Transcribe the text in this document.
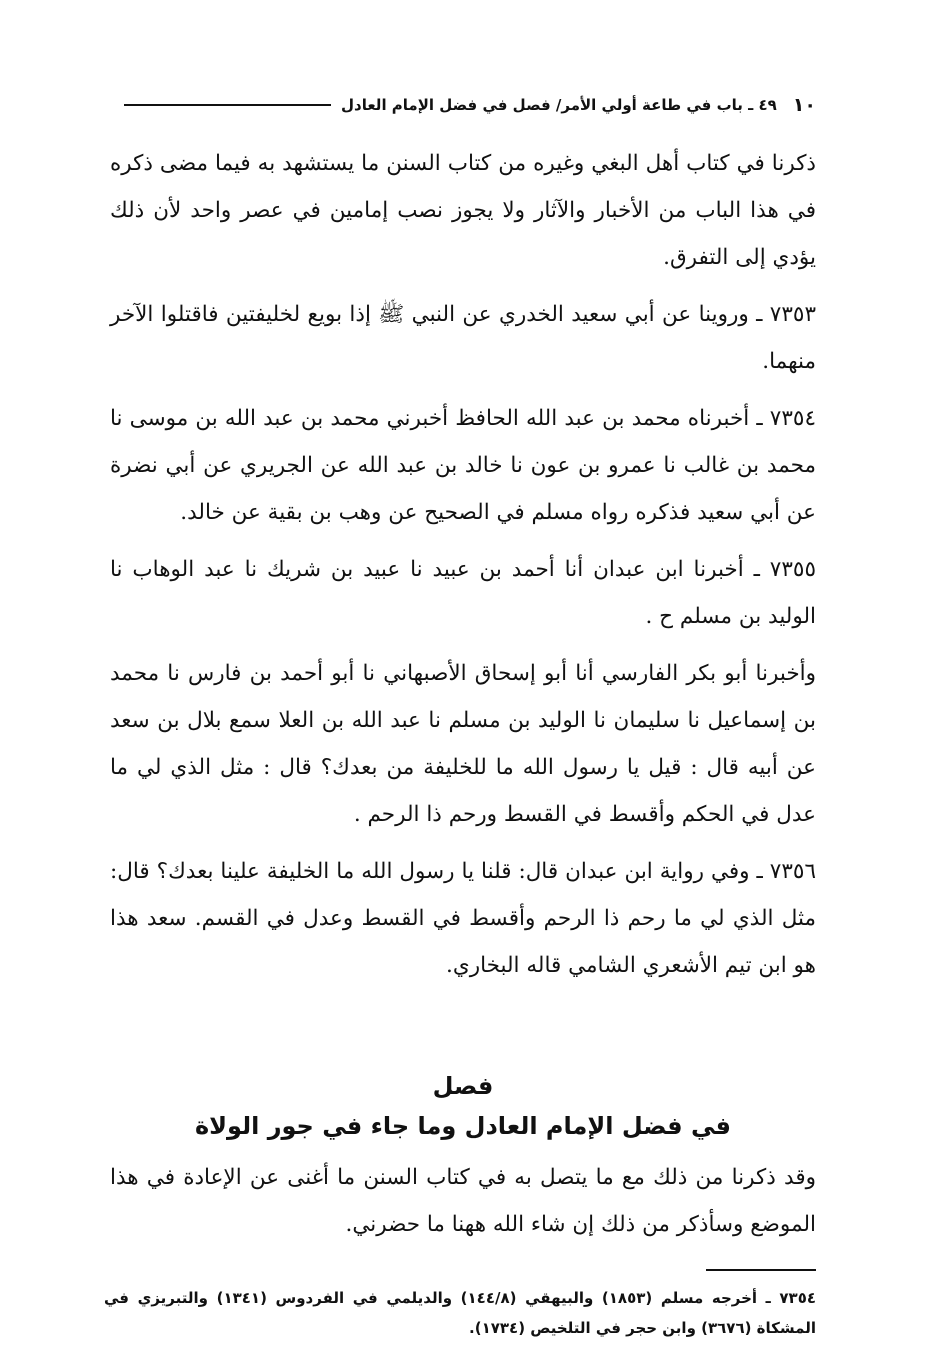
١٠
٤٩ ـ باب في طاعة أولي الأمر/ فصل في فضل الإمام العادل

ذكرنا في كتاب أهل البغي وغيره من كتاب السنن ما يستشهد به فيما مضى ذكره في هذا الباب من الأخبار والآثار ولا يجوز نصب إمامين في عصر واحد لأن ذلك يؤدي إلى التفرق.

٧٣٥٣ ـ وروينا عن أبي سعيد الخدري عن النبي ﷺ إذا بويع لخليفتين فاقتلوا الآخر منهما.

٧٣٥٤ ـ أخبرناه محمد بن عبد الله الحافظ أخبرني محمد بن عبد الله بن موسى نا محمد بن غالب نا عمرو بن عون نا خالد بن عبد الله عن الجريري عن أبي نضرة عن أبي سعيد فذكره رواه مسلم في الصحيح عن وهب بن بقية عن خالد.

٧٣٥٥ ـ أخبرنا ابن عبدان أنا أحمد بن عبيد نا عبيد بن شريك نا عبد الوهاب نا الوليد بن مسلم ح .

وأخبرنا أبو بكر الفارسي أنا أبو إسحاق الأصبهاني نا أبو أحمد بن فارس نا محمد بن إسماعيل نا سليمان نا الوليد بن مسلم نا عبد الله بن العلا سمع بلال بن سعد عن أبيه قال : قيل يا رسول الله ما للخليفة من بعدك؟ قال : مثل الذي لي ما عدل في الحكم وأقسط في القسط ورحم ذا الرحم .

٧٣٥٦ ـ وفي رواية ابن عبدان قال: قلنا يا رسول الله ما الخليفة علينا بعدك؟ قال: مثل الذي لي ما رحم ذا الرحم وأقسط في القسط وعدل في القسم. سعد هذا هو ابن تيم الأشعري الشامي قاله البخاري.

فصل
في فضل الإمام العادل وما جاء في جور الولاة

وقد ذكرنا من ذلك مع ما يتصل به في كتاب السنن ما أغنى عن الإعادة في هذا الموضع وسأذكر من ذلك إن شاء الله ههنا ما حضرني.

٧٣٥٤ ـ أخرجه مسلم (١٨٥٣) والبيهقي (١٤٤/٨) والديلمي في الفردوس (١٣٤١) والتبريزي في المشكاة (٣٦٧٦) وابن حجر في التلخيص (١٧٣٤).
